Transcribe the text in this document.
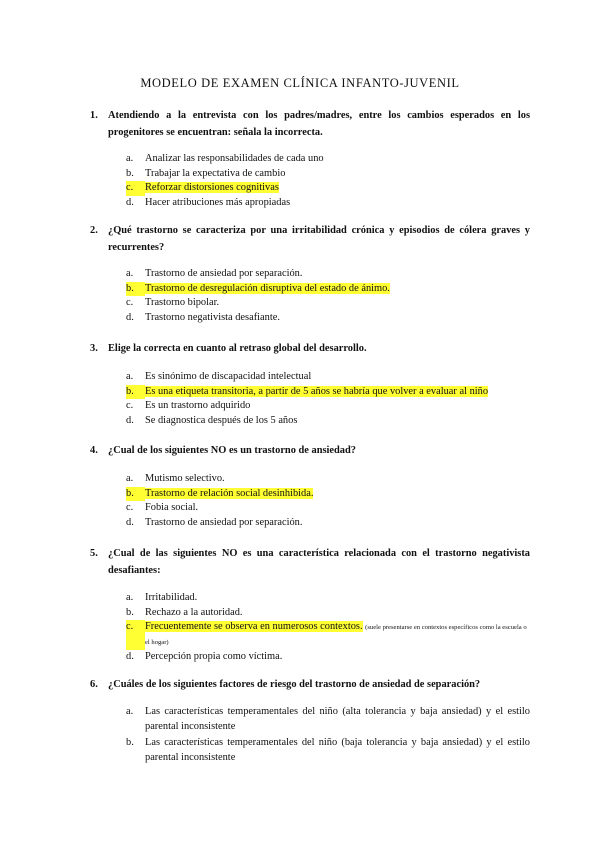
MODELO DE EXAMEN CLÍNICA INFANTO-JUVENIL
1. Atendiendo a la entrevista con los padres/madres, entre los cambios esperados en los progenitores se encuentran: señala la incorrecta.
a.	Analizar las responsabilidades de cada uno
b.	Trabajar la expectativa de cambio
c.	Reforzar distorsiones cognitivas
d.	Hacer atribuciones más apropiadas
2. ¿Qué trastorno se caracteriza por una irritabilidad crónica y episodios de cólera graves y recurrentes?
a.	Trastorno de ansiedad por separación.
b.	Trastorno de desregulación disruptiva del estado de ánimo.
c.	Trastorno bipolar.
d.	Trastorno negativista desafiante.
3. Elige la correcta en cuanto al retraso global del desarrollo.
a.	Es sinónimo de discapacidad intelectual
b.	Es una etiqueta transitoria, a partir de 5 años se habría que volver a evaluar al niño
c.	Es un trastorno adquirido
d.	Se diagnostica después de los 5 años
4. ¿Cual de los siguientes NO es un trastorno de ansiedad?
a.	Mutismo selectivo.
b.	Trastorno de relación social desinhibida.
c.	Fobia social.
d.	Trastorno de ansiedad por separación.
5. ¿Cual de las siguientes NO es una característica relacionada con el trastorno negativista desafiantes:
a.	Irritabilidad.
b.	Rechazo a la autoridad.
c.	Frecuentemente se observa en numerosos contextos. (suele presentarse en contextos específicos como la escuela o el hogar)
d.	Percepción propia como víctima.
6. ¿Cuáles de los siguientes factores de riesgo del trastorno de ansiedad de separación?
a.	Las características temperamentales del niño (alta tolerancia y baja ansiedad) y el estilo parental inconsistente
b.	Las características temperamentales del niño (baja tolerancia y baja ansiedad) y el estilo parental inconsistente
